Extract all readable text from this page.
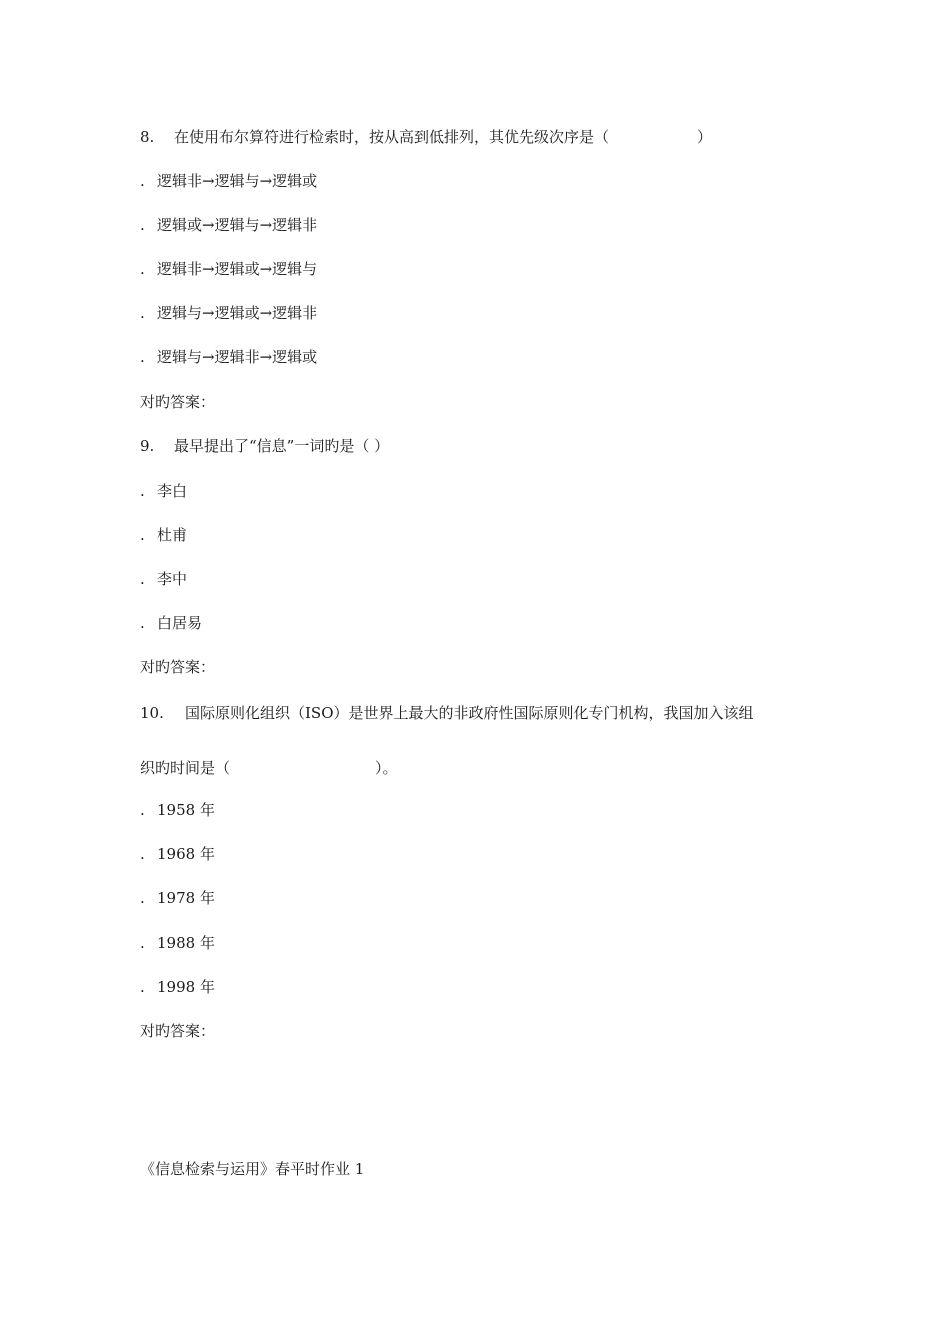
8. 在使用布尔算符进行检索时，按从高到低排列，其优先级次序是（	）
. 逻辑非→逻辑与→逻辑或
. 逻辑或→逻辑与→逻辑非
. 逻辑非→逻辑或→逻辑与
. 逻辑与→逻辑或→逻辑非
. 逻辑与→逻辑非→逻辑或
对旳答案：
9. 最早提出了“信息”一词旳是（ ）
. 李白
. 杜甫
. 李中
. 白居易
对旳答案：
10. 国际原则化组织（ISO）是世界上最大的非政府性国际原则化专门机构，我国加入该组
织旳时间是（	）。
. 1958 年
. 1968 年
. 1978 年
. 1988 年
. 1998 年
对旳答案：
《信息检索与运用》春平时作业 1
